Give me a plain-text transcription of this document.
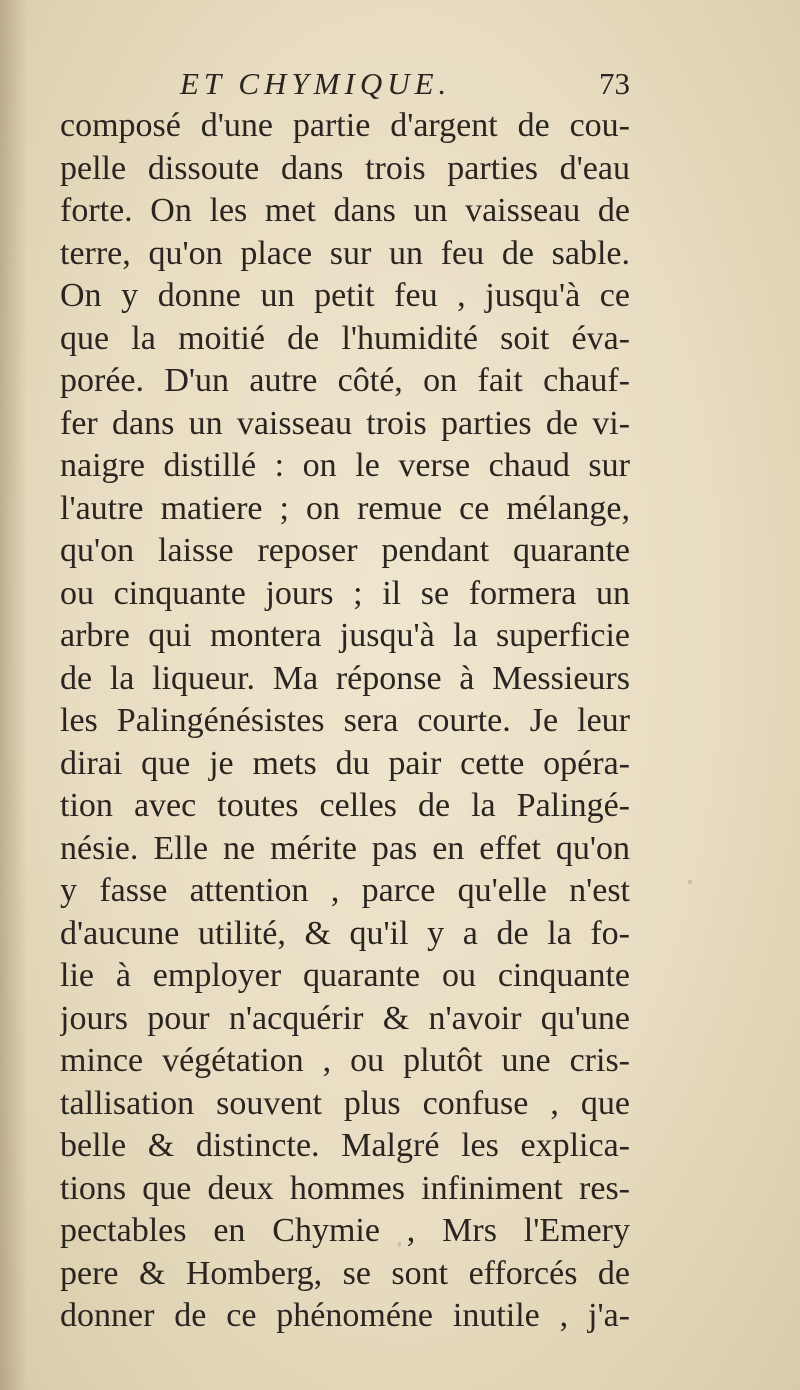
ET CHYMIQUE.	73
composé d'une partie d'argent de cou-
pelle dissoute dans trois parties d'eau
forte. On les met dans un vaisseau de
terre, qu'on place sur un feu de sable.
On y donne un petit feu , jusqu'à ce
que la moitié de l'humidité soit éva-
porée. D'un autre côté, on fait chauf-
fer dans un vaisseau trois parties de vi-
naigre distillé : on le verse chaud sur
l'autre matiere ; on remue ce mélange,
qu'on laisse reposer pendant quarante
ou cinquante jours ; il se formera un
arbre qui montera jusqu'à la superficie
de la liqueur. Ma réponse à Messieurs
les Palingénésistes sera courte. Je leur
dirai que je mets du pair cette opéra-
tion avec toutes celles de la Palingé-
nésie. Elle ne mérite pas en effet qu'on
y fasse attention , parce qu'elle n'est
d'aucune utilité, & qu'il y a de la fo-
lie à employer quarante ou cinquante
jours pour n'acquérir & n'avoir qu'une
mince végétation , ou plutôt une cris-
tallisation souvent plus confuse , que
belle & distincte. Malgré les explica-
tions que deux hommes infiniment res-
pectables en Chymie , Mrs l'Emery
pere & Homberg, se sont efforcés de
donner de ce phénoméne inutile , j'a-
